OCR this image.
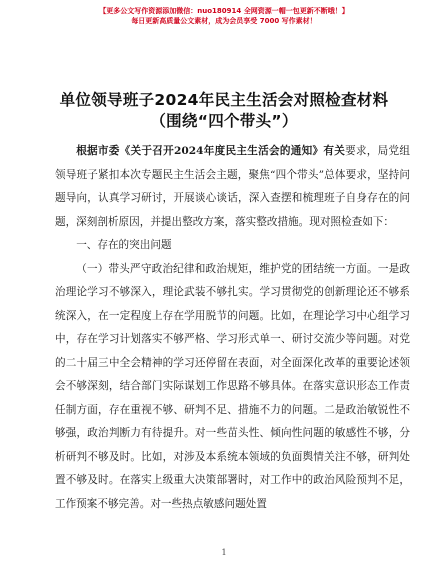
【更多公文写作资源添加微信：nuo180914 全网资源一帽一包更新不断哦！】
每日更新高质量公文素材，成为会员享受 7000 写作素材！
单位领导班子2024年民主生活会对照检查材料
（围绕“四个带头”）

根据市委《关于召开2024年度民主生活会的通知》有关要求，局党组领导班子紧扣本次专题民主生活会主题，聚焦“四个带头”总体要求，坚持问题导向，认真学习研讨，开展谈心谈话，深入查摆和梳理班子自身存在的问题，深刻剖析原因，并提出整改方案，落实整改措施。现对照检查如下：

一、存在的突出问题

（一）带头严守政治纪律和政治规矩，维护党的团结统一方面。一是政治理论学习不够深入，理论武装不够扎实。学习贯彻党的创新理论还不够系统深入，在一定程度上存在学用脱节的问题。比如，在理论学习中心组学习中，存在学习计划落实不够严格、学习形式单一、研讨交流少等问题。对党的二十届三中全会精神的学习还停留在表面，对全面深化改革的重要论述领会不够深刻，结合部门实际谋划工作思路不够具体。在落实意识形态工作责任制方面，存在重视不够、研判不足、措施不力的问题。二是政治敏锐性不够强，政治判断力有待提升。对一些苗头性、倾向性问题的敏感性不够，分析研判不够及时。比如，对涉及本系统本领域的负面舆情关注不够，研判处置不够及时。在落实上级重大决策部署时，对工作中的政治风险预判不足，工作预案不够完善。对一些热点敏感问题处置

1
